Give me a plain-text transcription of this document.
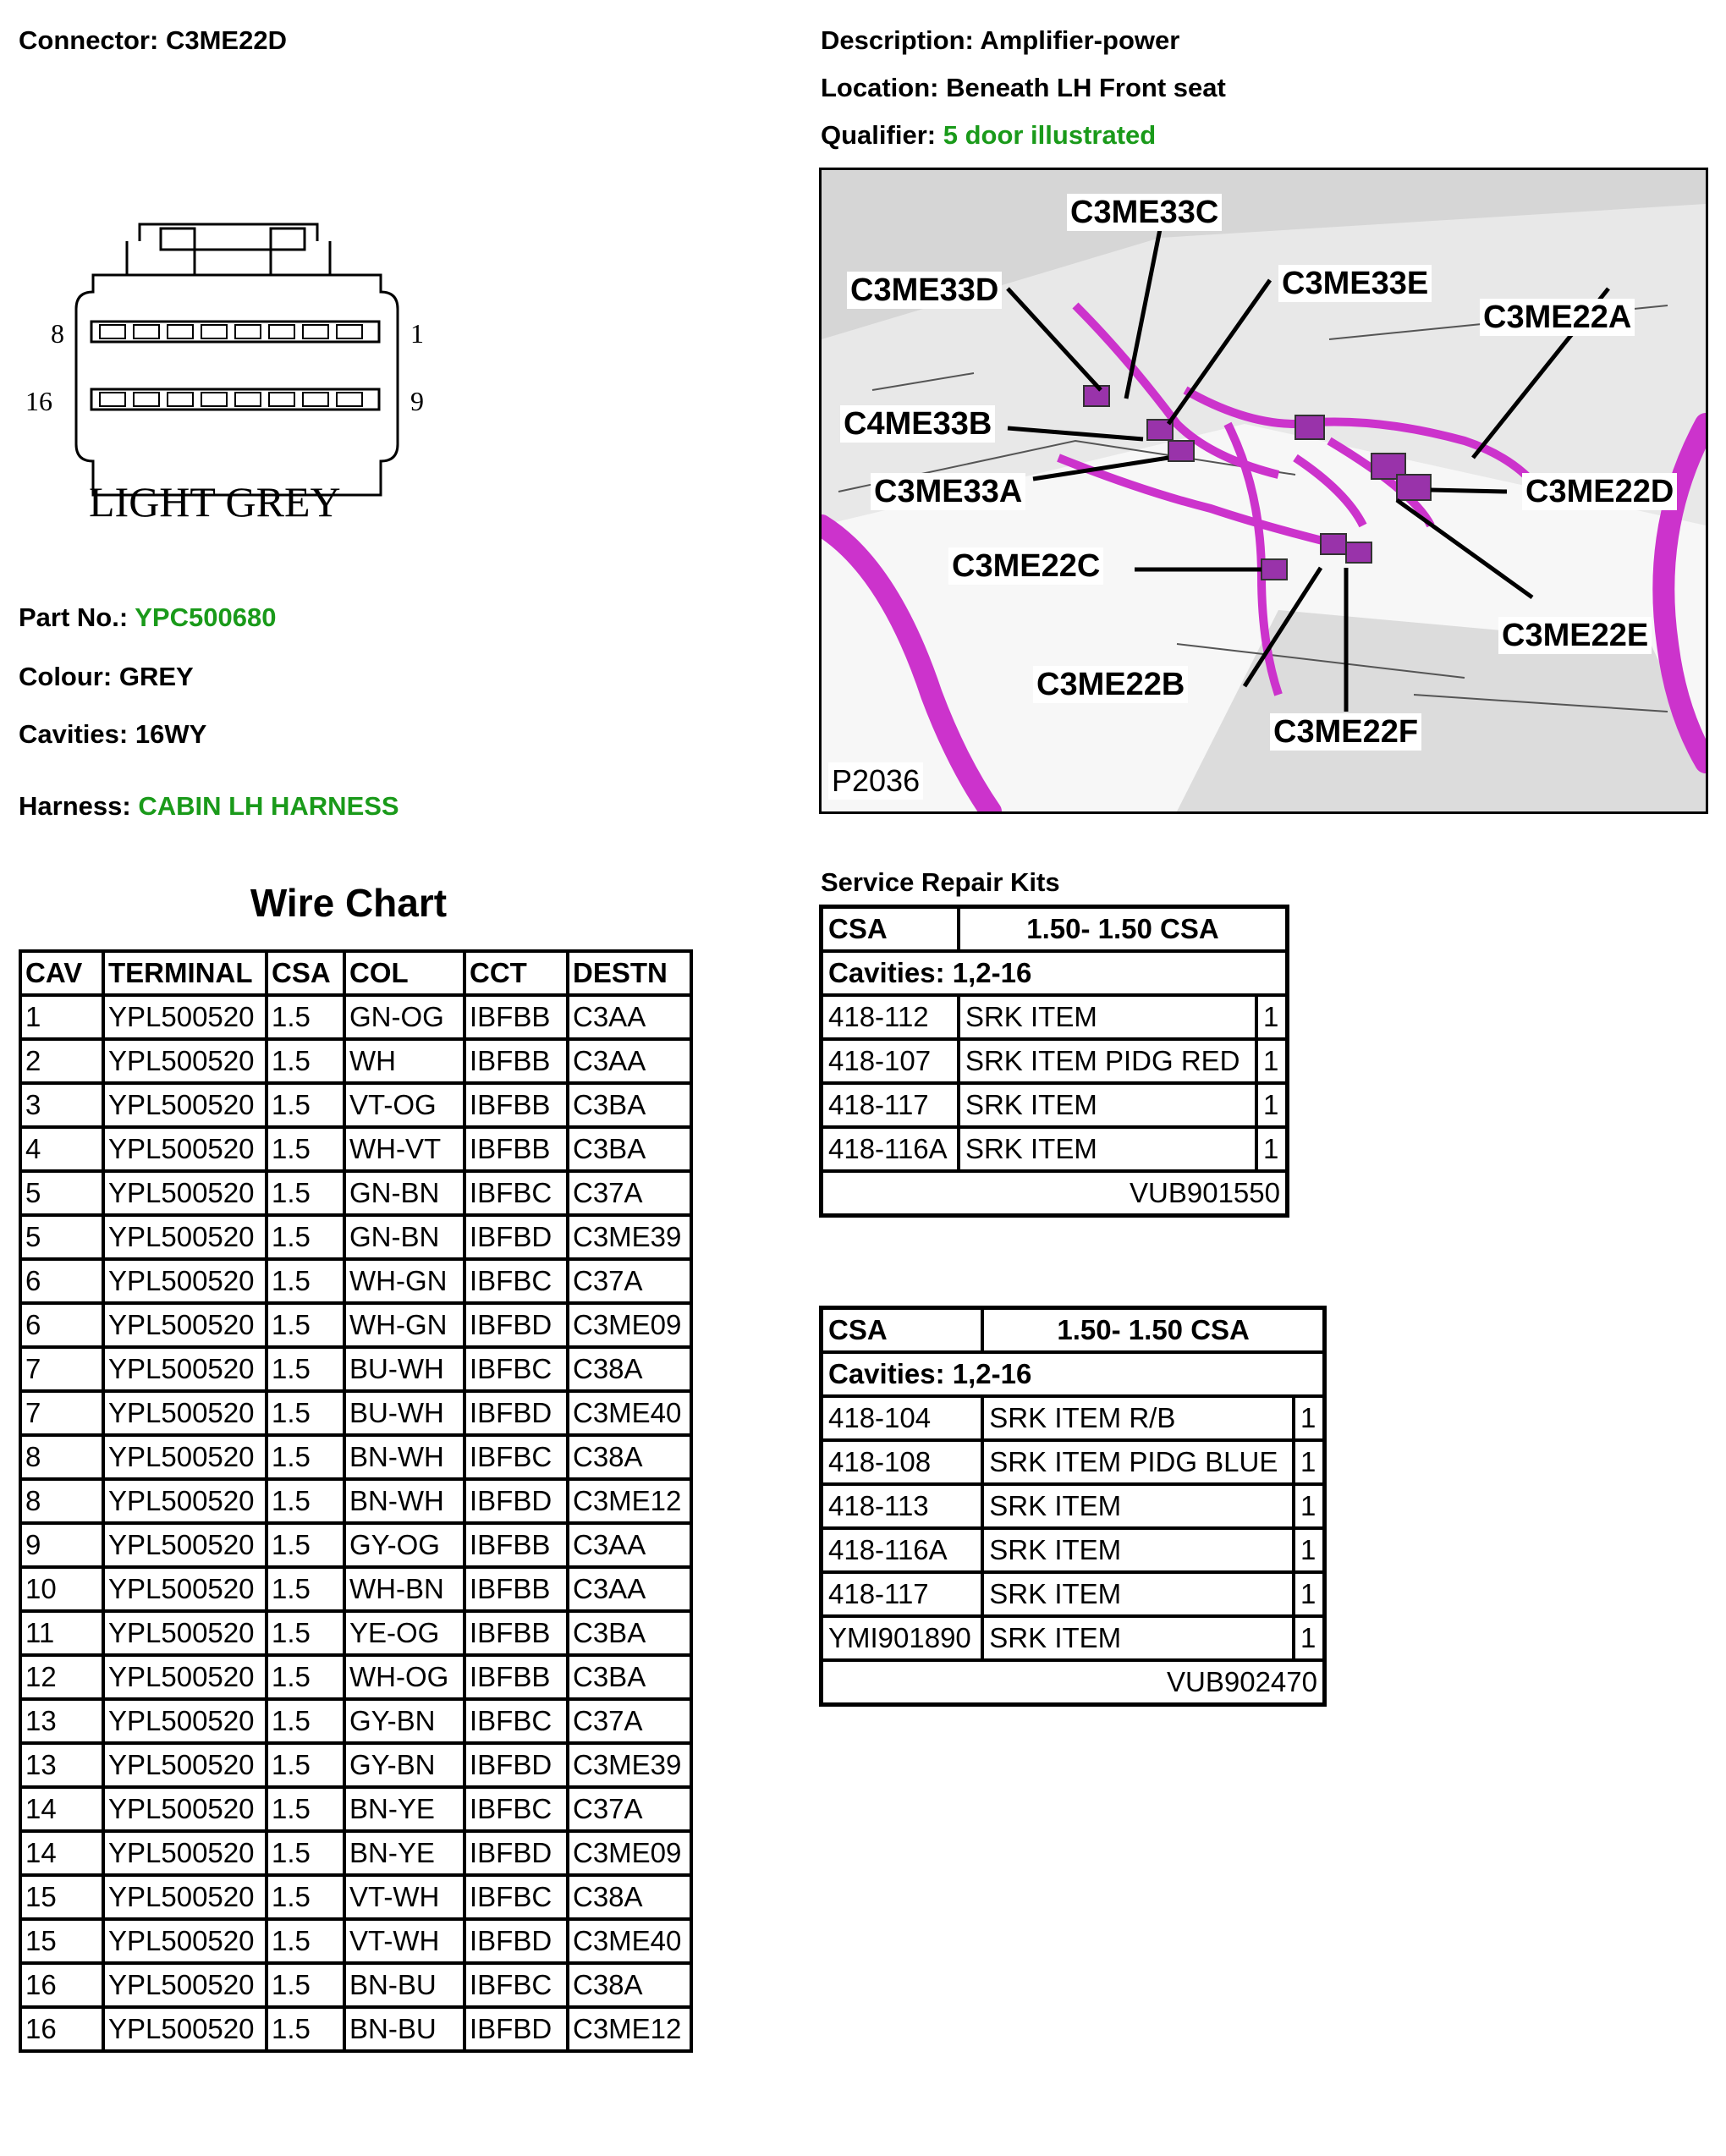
Connector: C3ME22D	Description: Amplifier-power
Location: Beneath LH Front seat
Qualifier: 5 door illustrated
8	1
16	9
LIGHT GREY
Part No.: YPC500680
Colour: GREY
Cavities: 16WY
Harness: CABIN LH HARNESS
Wire Chart
CAV	TERMINAL	CSA	COL	CCT	DESTN
1	YPL500520	1.5	GN-OG	IBFBB	C3AA
2	YPL500520	1.5	WH	IBFBB	C3AA
3	YPL500520	1.5	VT-OG	IBFBB	C3BA
4	YPL500520	1.5	WH-VT	IBFBB	C3BA
5	YPL500520	1.5	GN-BN	IBFBC	C37A
5	YPL500520	1.5	GN-BN	IBFBD	C3ME39
6	YPL500520	1.5	WH-GN	IBFBC	C37A
6	YPL500520	1.5	WH-GN	IBFBD	C3ME09
7	YPL500520	1.5	BU-WH	IBFBC	C38A
7	YPL500520	1.5	BU-WH	IBFBD	C3ME40
8	YPL500520	1.5	BN-WH	IBFBC	C38A
8	YPL500520	1.5	BN-WH	IBFBD	C3ME12
9	YPL500520	1.5	GY-OG	IBFBB	C3AA
10	YPL500520	1.5	WH-BN	IBFBB	C3AA
11	YPL500520	1.5	YE-OG	IBFBB	C3BA
12	YPL500520	1.5	WH-OG	IBFBB	C3BA
13	YPL500520	1.5	GY-BN	IBFBC	C37A
13	YPL500520	1.5	GY-BN	IBFBD	C3ME39
14	YPL500520	1.5	BN-YE	IBFBC	C37A
14	YPL500520	1.5	BN-YE	IBFBD	C3ME09
15	YPL500520	1.5	VT-WH	IBFBC	C38A
15	YPL500520	1.5	VT-WH	IBFBD	C3ME40
16	YPL500520	1.5	BN-BU	IBFBC	C38A
16	YPL500520	1.5	BN-BU	IBFBD	C3ME12
C3ME33C
C3ME33D	C3ME33E
C3ME22A
C4ME33B
C3ME33A	C3ME22D
C3ME22C
C3ME22E
C3ME22B
C3ME22F
P2036
Service Repair Kits
CSA	1.50- 1.50 CSA	
Cavities: 1,2-16		
418-112	SRK ITEM	1
418-107	SRK ITEM PIDG RED	1
418-117	SRK ITEM	1
418-116A	SRK ITEM	1
VUB901550		
CSA	1.50- 1.50 CSA	
Cavities: 1,2-16		
418-104	SRK ITEM R/B	1
418-108	SRK ITEM PIDG BLUE	1
418-113	SRK ITEM	1
418-116A	SRK ITEM	1
418-117	SRK ITEM	1
YMI901890	SRK ITEM	1
VUB902470		
